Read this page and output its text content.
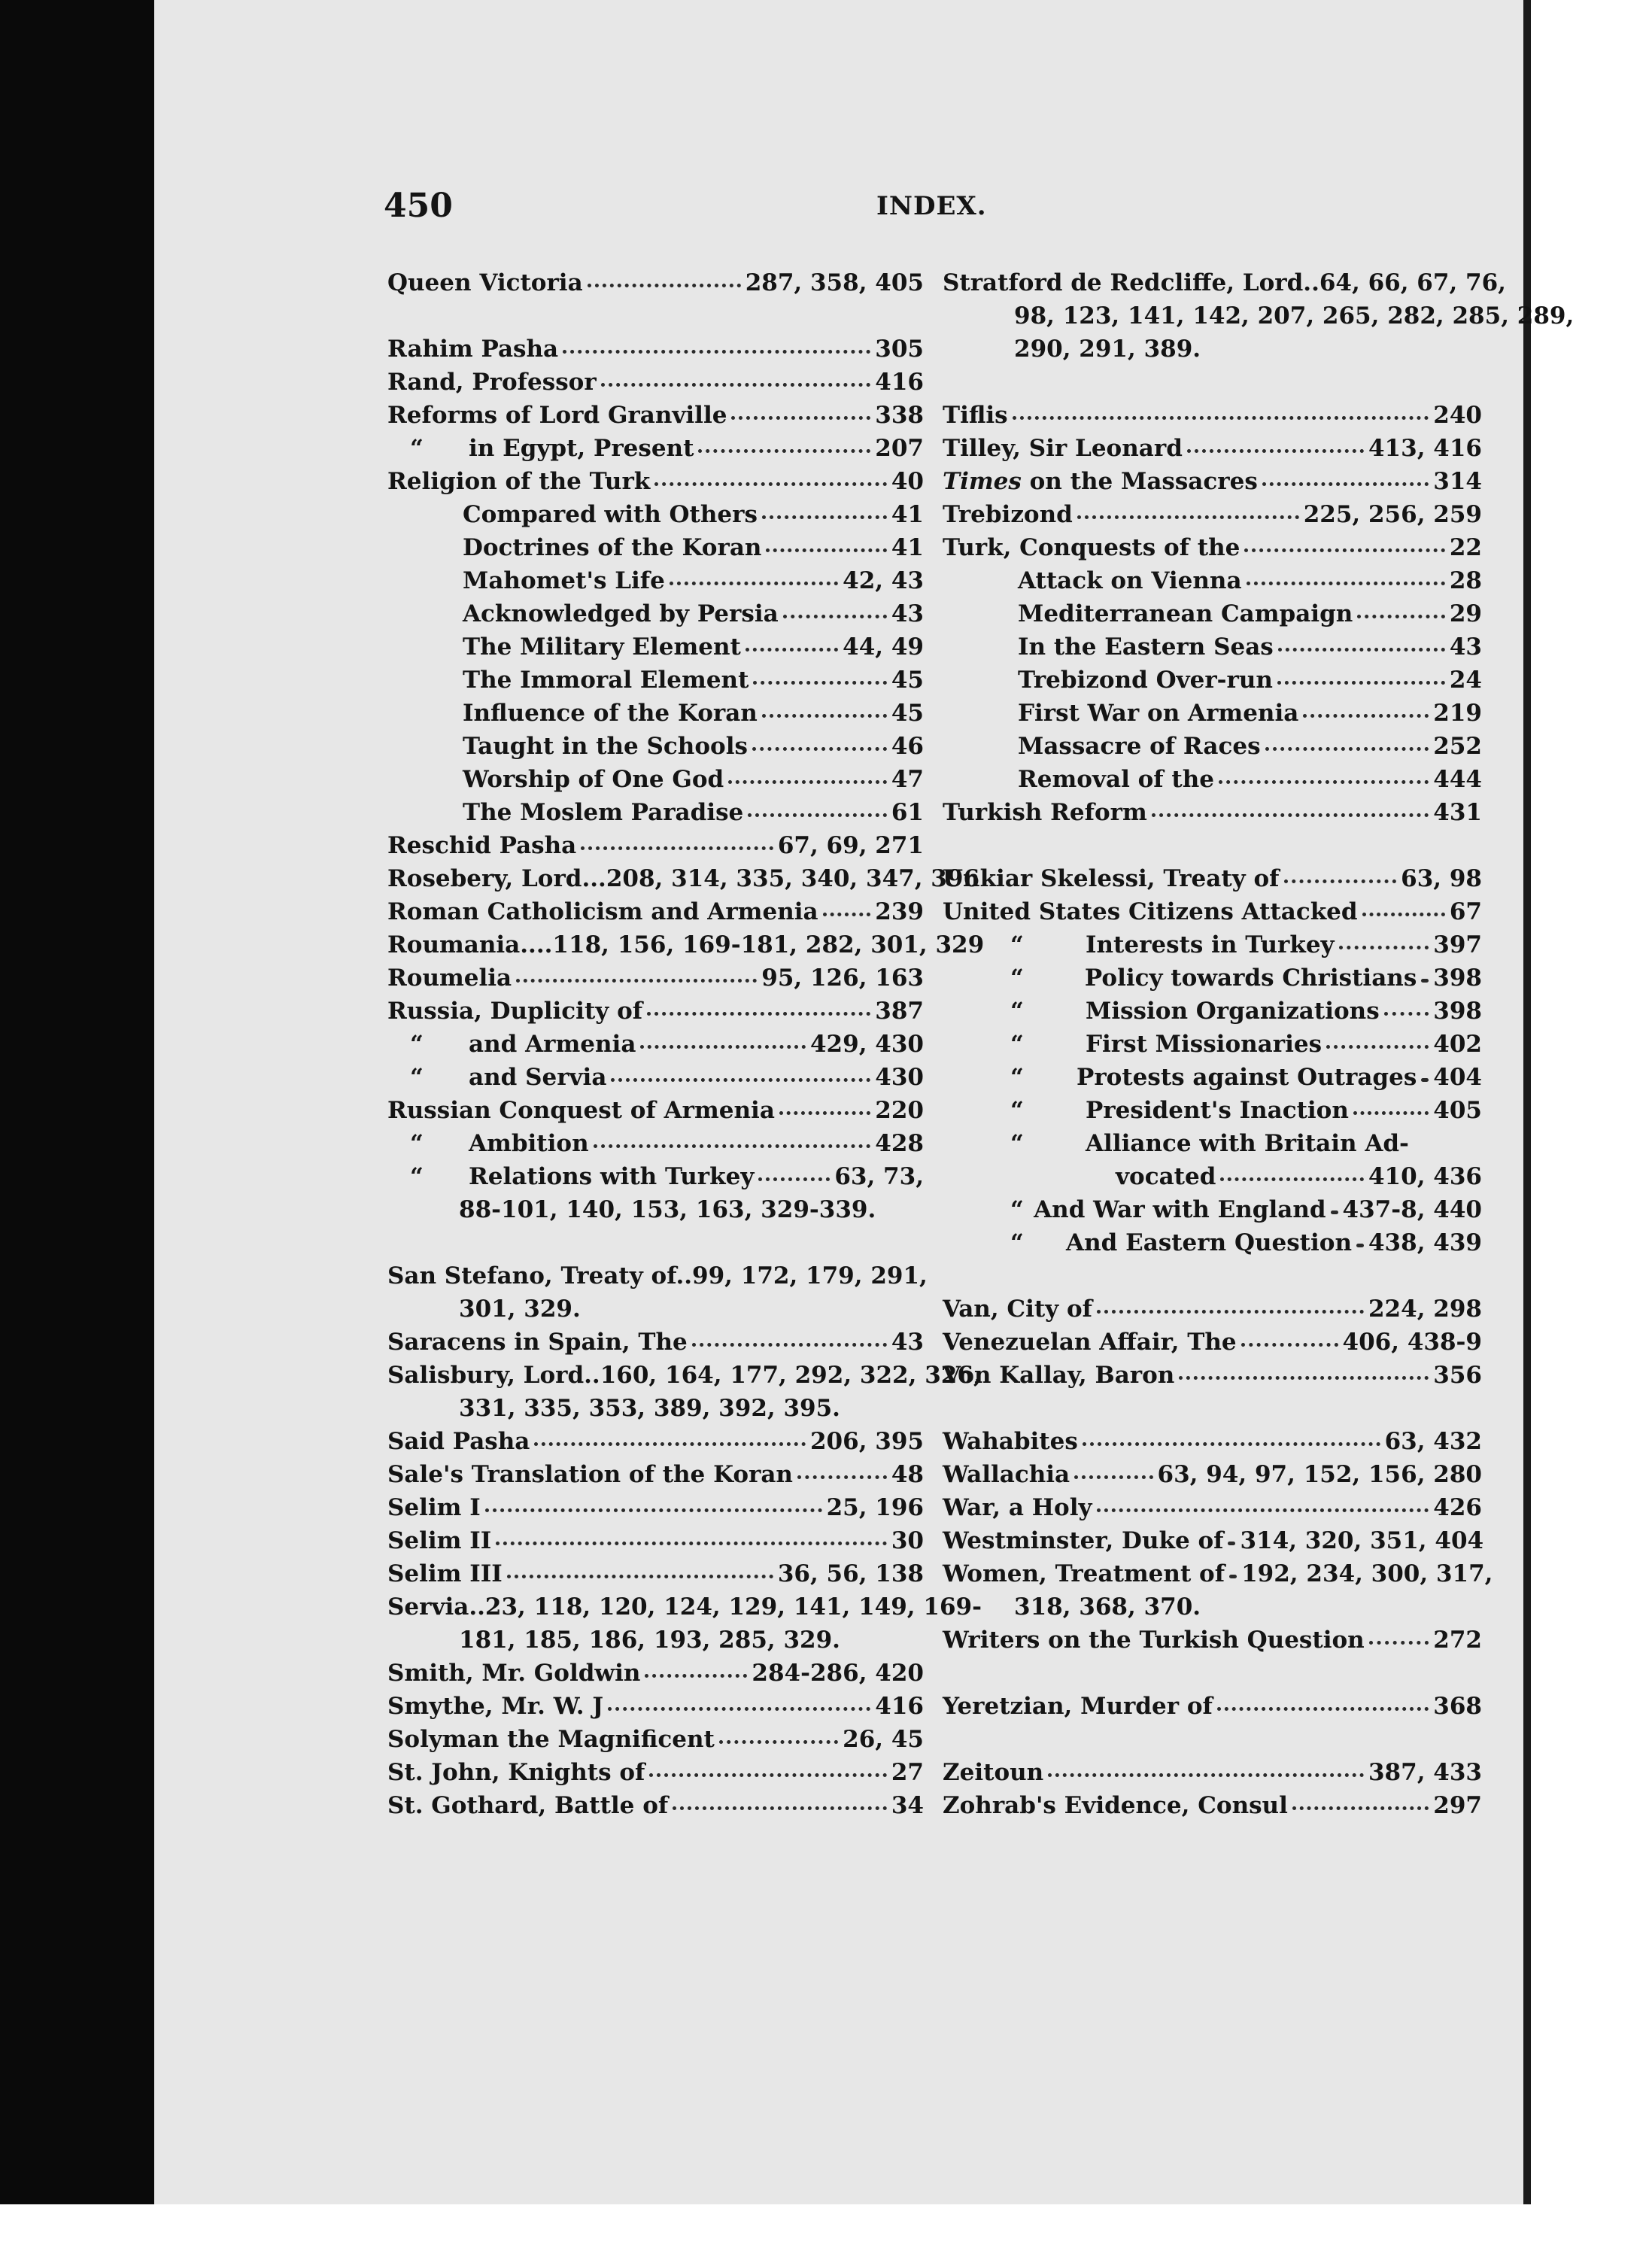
450	INDEX.
Queen Victoria	287, 358, 405
Rahim Pasha	305
Rand, Professor	416
Reforms of Lord Granville	338
“	in Egypt, Present	207
Religion of the Turk	40
Compared with Others	41
Doctrines of the Koran	41
Mahomet's Life	42, 43
Acknowledged by Persia	43
The Military Element	44, 49
The Immoral Element	45
Influence of the Koran	45
Taught in the Schools	46
Worship of One God	47
The Moslem Paradise	61
Reschid Pasha	67, 69, 271
Rosebery, Lord...208, 314, 335, 340, 347, 396
Roman Catholicism and Armenia 239
Roumania....118, 156, 169-181, 282, 301, 329
Roumelia	95, 126, 163
Russia, Duplicity of	387
“	and Armenia	429, 430
“	and Servia	430
Russian Conquest of Armenia	220
“	Ambition	428
“	Relations with Turkey	63, 73,
88-101, 140, 153, 163, 329-339.
San Stefano, Treaty of..99, 172, 179, 291,
301, 329.
Saracens in Spain, The	43
Salisbury, Lord..160, 164, 177, 292, 322, 326,
331, 335, 353, 389, 392, 395.
Said Pasha	206, 395
Sale's Translation of the Koran	48
Selim I	25, 196
Selim II	30
Selim III	36, 56, 138
Servia..23, 118, 120, 124, 129, 141, 149, 169-
181, 185, 186, 193, 285, 329.
Smith, Mr. Goldwin	284-286, 420
Smythe, Mr. W. J	416
Solyman the Magnificent	26, 45
St. John, Knights of	27
St. Gothard, Battle of	34
Stratford de Redcliffe, Lord..64, 66, 67, 76,
98, 123, 141, 142, 207, 265, 282, 285, 289,
290, 291, 389.
Tiflis	240
Tilley, Sir Leonard	413, 416
Times on the Massacres	314
Trebizond	225, 256, 259
Turk, Conquests of the	22
Attack on Vienna	28
Mediterranean Campaign	29
In the Eastern Seas	43
Trebizond Over-run	24
First War on Armenia	219
Massacre of Races	252
Removal of the	444
Turkish Reform	431
Unkiar Skelessi, Treaty of	63, 98
United States Citizens Attacked	67
“	Interests in Turkey	397
“	Policy towards Christians 398
“	Mission Organizations 398
“	First Missionaries	402
“	Protests against Outrages 404
“	President's Inaction	405
“	Alliance with Britain Ad-
vocated	410, 436
“ And War with England 437-8, 440
“	And Eastern Question 438, 439
Van, City of	224, 298
Venezuelan Affair, The	406, 438-9
Von Kallay, Baron	356
Wahabites	63, 432
Wallachia	63, 94, 97, 152, 156, 280
War, a Holy	426
Westminster, Duke of 314, 320, 351, 404
Women, Treatment of 192, 234, 300, 317,
318, 368, 370.
Writers on the Turkish Question	272
Yeretzian, Murder of	368
Zeitoun	387, 433
Zohrab's Evidence, Consul	297
